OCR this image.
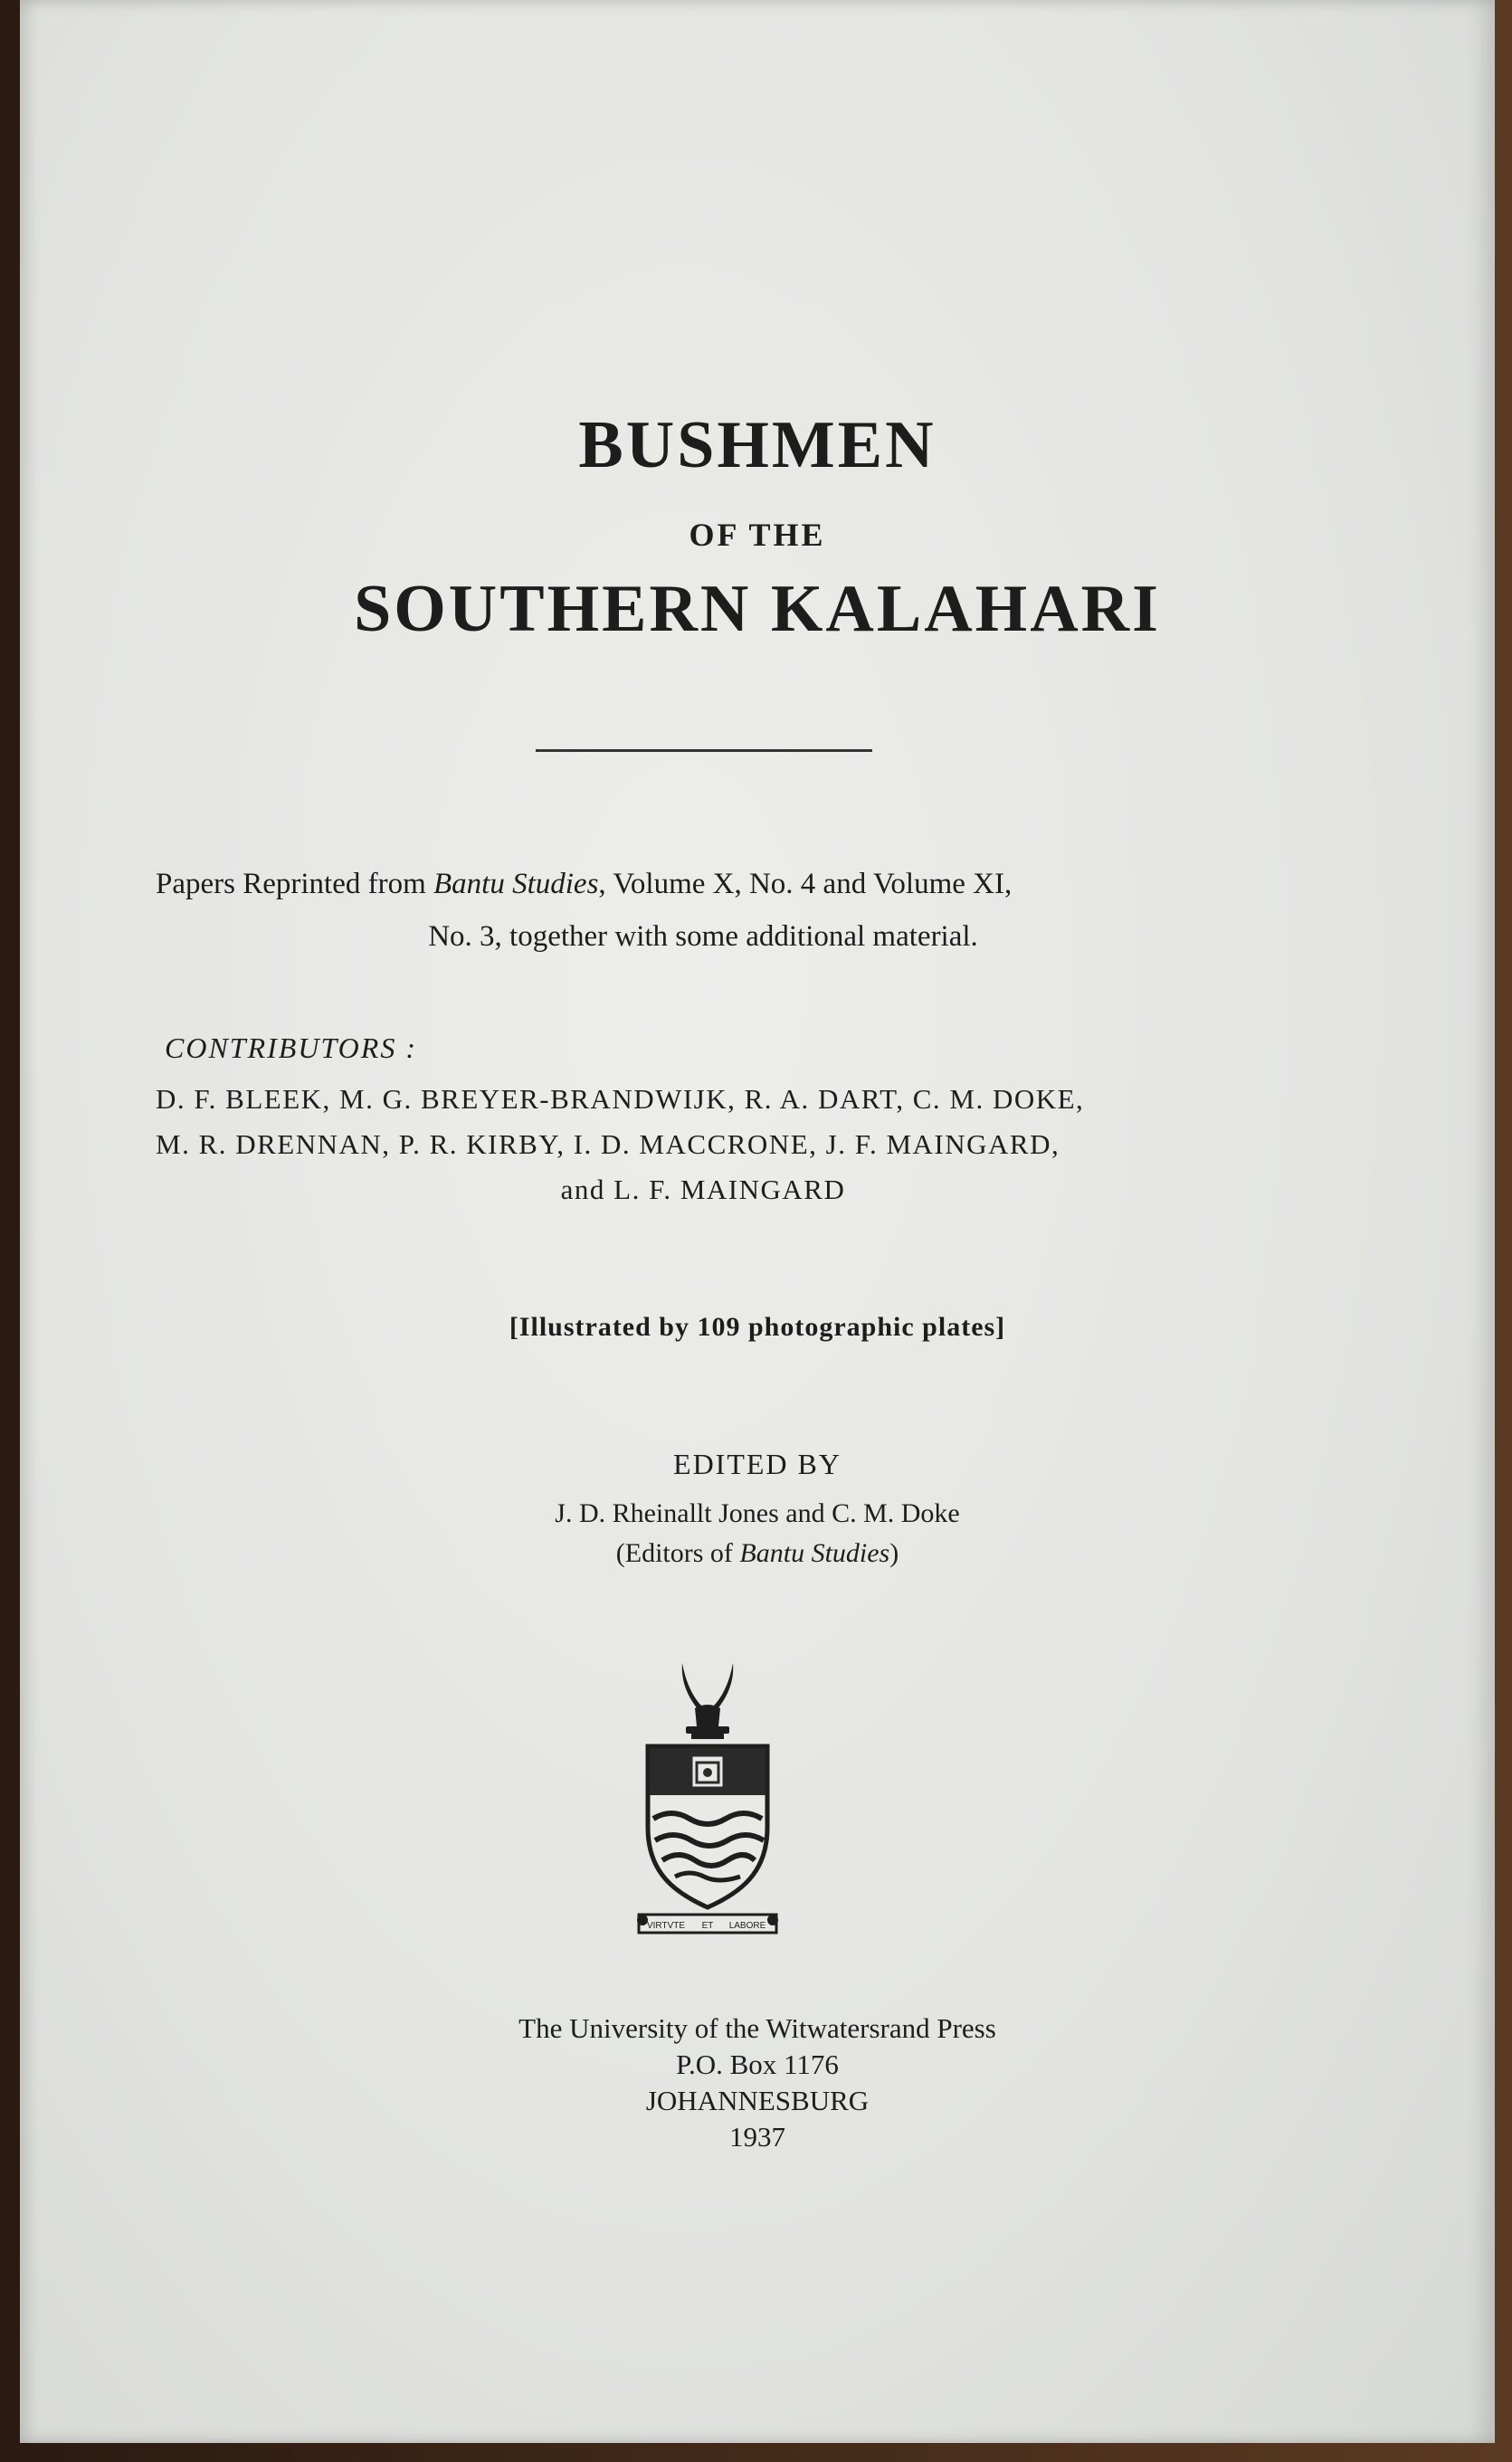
BUSHMEN
OF THE
SOUTHERN KALAHARI
Papers Reprinted from Bantu Studies, Volume X, No. 4 and Volume XI,
No. 3, together with some additional material.
CONTRIBUTORS :
D. F. BLEEK, M. G. BREYER-BRANDWIJK, R. A. DART, C. M. DOKE,
M. R. DRENNAN, P. R. KIRBY, I. D. MACCRONE, J. F. MAINGARD,
and L. F. MAINGARD
[Illustrated by 109 photographic plates]
EDITED BY
J. D. Rheinallt Jones and C. M. Doke
(Editors of Bantu Studies)
VIRTVTE ET LABORE
The University of the Witwatersrand Press
P.O. Box 1176
JOHANNESBURG
1937
